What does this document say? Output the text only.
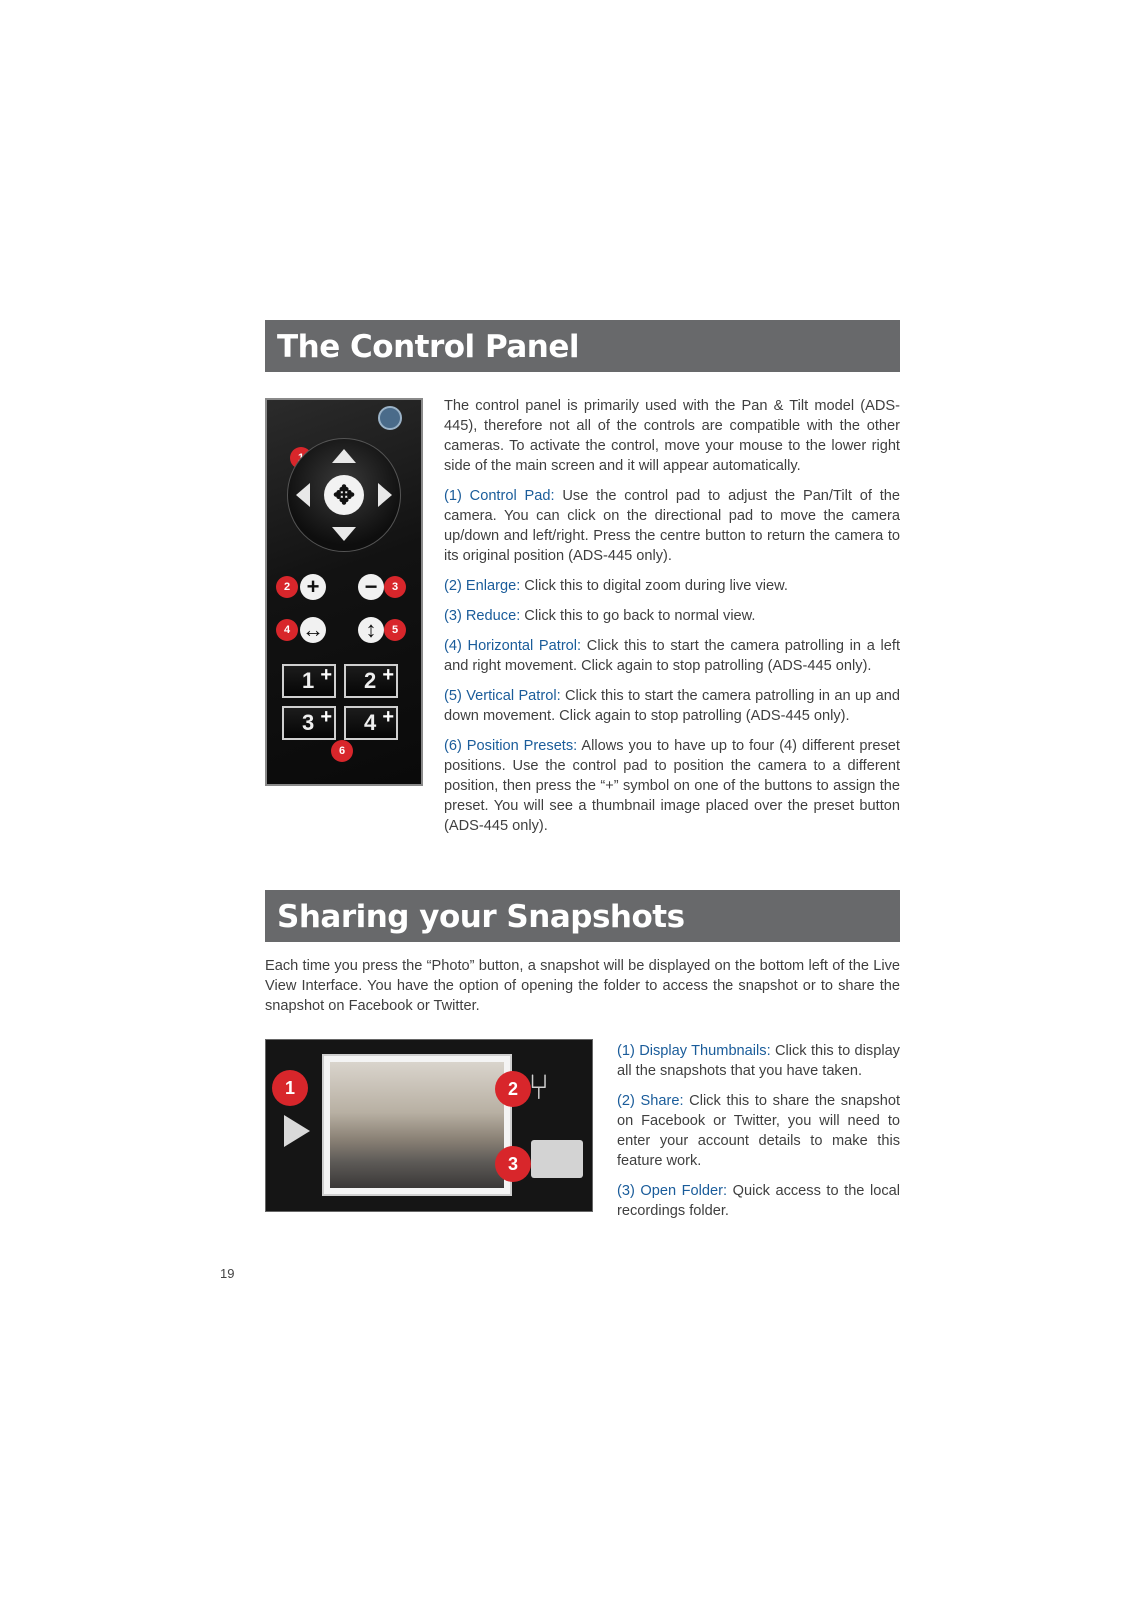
The Control Panel
✥
2 + −	3
4 ↔	↕	5
1 +	2 +
3 +	4 +
6

The control panel is primarily used with the Pan & Tilt model (ADS-445), therefore not all of the controls are compatible with the other cameras. To activate the control, move your mouse to the lower right side of the main screen and it will appear automatically.

(1) Control Pad: Use the control pad to adjust the Pan/Tilt of the camera. You can click on the directional pad to move the camera up/down and left/right. Press the centre button to return the camera to its original position (ADS-445 only).

(2) Enlarge: Click this to digital zoom during live view.

(3) Reduce: Click this to go back to normal view.

(4) Horizontal Patrol: Click this to start the camera patrolling in a left and right movement. Click again to stop patrolling (ADS-445 only).

(5) Vertical Patrol: Click this to start the camera patrolling in an up and down movement. Click again to stop patrolling (ADS-445 only).

(6) Position Presets: Allows you to have up to four (4) different preset positions. Use the control pad to position the camera to a different position, then press the “+” symbol on one of the buttons to assign the preset. You will see a thumbnail image placed over the preset button (ADS-445 only).

Sharing your Snapshots

Each time you press the “Photo” button, a snapshot will be displayed on the bottom left of the Live View Interface. You have the option of opening the folder to access the snapshot or to share the snapshot on Facebook or Twitter.

1	2 ⑂
3

(1) Display Thumbnails: Click this to display all the snapshots that you have taken.

(2) Share: Click this to share the snapshot on Facebook or Twitter, you will need to enter your account details to make this feature work.

(3) Open Folder: Quick access to the local recordings folder.

19
